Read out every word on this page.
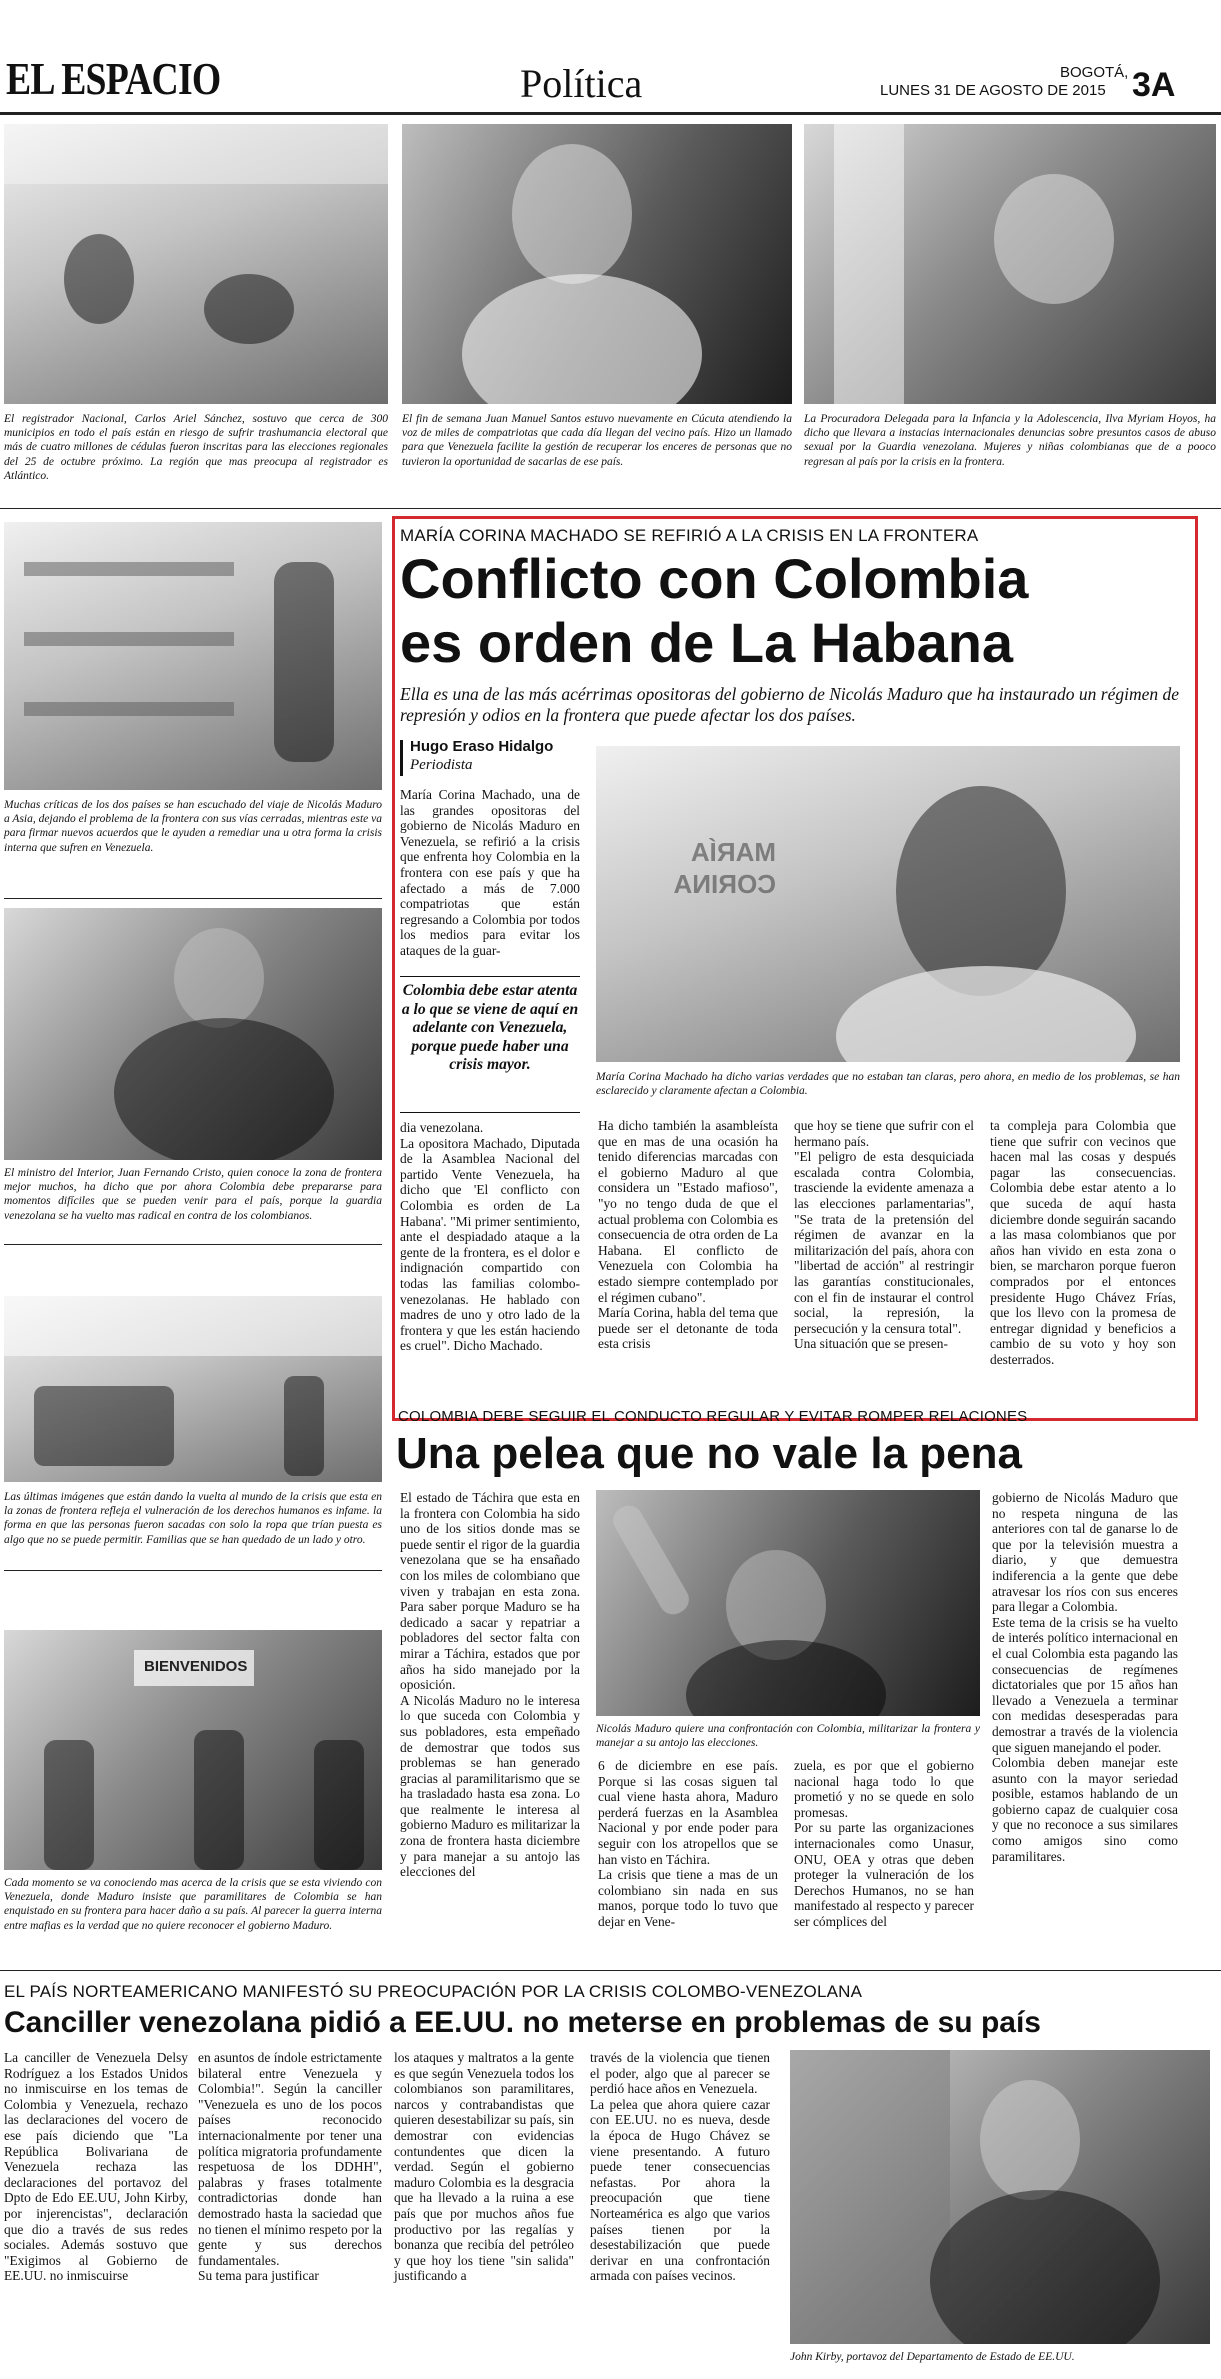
EL ESPACIO	Política	BOGOTÁ,
LUNES 31 DE AGOSTO DE 2015 3A
El registrador Nacional, Carlos Ariel Sánchez, sostuvo que cerca de 300 municipios en todo el país están en riesgo de sufrir trashumancia electoral que más de cuatro millones de cédulas fueron inscritas para las elecciones regionales del 25 de octubre próximo. La región que mas preocupa al registrador es Atlántico.
El fin de semana Juan Manuel Santos estuvo nuevamente en Cúcuta atendiendo la voz de miles de compatriotas que cada día llegan del vecino país. Hizo un llamado para que Venezuela facilite la gestión de recuperar los enceres de personas que no tuvieron la oportunidad de sacarlas de ese país.
La Procuradora Delegada para la Infancia y la Adolescencia, Ilva Myriam Hoyos, ha dicho que llevara a instacias internacionales denuncias sobre presuntos casos de abuso sexual por la Guardia venezolana. Mujeres y niñas colombianas que de a pooco regresan al país por la crisis en la frontera.
Muchas críticas de los dos países se han escuchado del viaje de Nicolás Maduro a Asia, dejando el problema de la frontera con sus vías cerradas, mientras este va para firmar nuevos acuerdos que le ayuden a remediar una u otra forma la crisis interna que sufren en Venezuela.
El ministro del Interior, Juan Fernando Cristo, quien conoce la zona de frontera mejor muchos, ha dicho que por ahora Colombia debe prepararse para momentos difíciles que se pueden venir para el país, porque la guardia venezolana se ha vuelto mas radical en contra de los colombianos.
Las últimas imágenes que están dando la vuelta al mundo de la crisis que esta en la zonas de frontera refleja el vulneración de los derechos humanos es infame. la forma en que las personas fueron sacadas con solo la ropa que trían puesta es algo que no se puede permitir. Familias que se han quedado de un lado y otro.
BIENVENIDOS
Cada momento se va conociendo mas acerca de la crisis que se esta viviendo con Venezuela, donde Maduro insiste que paramilitares de Colombia se han enquistado en su frontera para hacer daño a su país. Al parecer la guerra interna entre mafias es la verdad que no quiere reconocer el gobierno Maduro.
MARÍA CORINA MACHADO SE REFIRIÓ A LA CRISIS EN LA FRONTERA
Conflicto con Colombia
es orden de La Habana
Ella es una de las más acérrimas opositoras del gobierno de Nicolás Maduro que ha instaurado un régimen de represión y odios en la frontera que puede afectar los dos países.
Hugo Eraso Hidalgo
Periodista
María Corina Machado, una de las grandes opositoras del gobierno de Nicolás Maduro en Venezuela, se refirió a la crisis que enfrenta hoy Colombia en la frontera con ese país y que ha afectado a más de 7.000 compatriotas que están regresando a Colombia por todos los medios para evitar los ataques de la guar-
Colombia debe estar atenta a lo que se viene de aquí en adelante con Venezuela, porque puede haber una crisis mayor.
dia venezolana.
La opositora Machado, Diputada de la Asamblea Nacional del partido Vente Venezuela, ha dicho que 'El conflicto con Colombia es orden de La Habana'. "Mi primer sentimiento, ante el despiadado ataque a la gente de la frontera, es el dolor e indignación compartido con todas las familias colombo-venezolanas. He hablado con madres de uno y otro lado de la frontera y que les están haciendo es cruel". Dicho Machado.
MARÍA CORINA
María Corina Machado ha dicho varias verdades que no estaban tan claras, pero ahora, en medio de los problemas, se han esclarecido y claramente afectan a Colombia.
Ha dicho también la asambleísta que en mas de una ocasión ha tenido diferencias marcadas con el gobierno Maduro al que considera un "Estado mafioso", "yo no tengo duda de que el actual problema con Colombia es consecuencia de otra orden de La Habana. El conflicto de Venezuela con Colombia ha estado siempre contemplado por el régimen cubano".
María Corina, habla del tema que puede ser el detonante de toda esta crisis
que hoy se tiene que sufrir con el hermano país.
"El peligro de esta desquiciada escalada contra Colombia, trasciende la evidente amenaza a las elecciones parlamentarias", "Se trata de la pretensión del régimen de avanzar en la militarización del país, ahora con "libertad de acción" al restringir las garantías constitucionales, con el fin de instaurar el control social, la represión, la persecución y la censura total".
Una situación que se presen-
ta compleja para Colombia que tiene que sufrir con vecinos que hacen mal las cosas y después pagar las consecuencias. Colombia debe estar atento a lo que suceda de aquí hasta diciembre donde seguirán sacando a las masa colombianos que por años han vivido en esta zona o bien, se marcharon porque fueron comprados por el entonces presidente Hugo Chávez Frías, que los llevo con la promesa de entregar dignidad y beneficios a cambio de su voto y hoy son desterrados.
COLOMBIA DEBE SEGUIR EL CONDUCTO REGULAR Y EVITAR ROMPER RELACIONES
Una pelea que no vale la pena
El estado de Táchira que esta en la frontera con Colombia ha sido uno de los sitios donde mas se puede sentir el rigor de la guardia venezolana que se ha ensañado con los miles de colombiano que viven y trabajan en esta zona. Para saber porque Maduro se ha dedicado a sacar y repatriar a pobladores del sector falta con mirar a Táchira, estados que por años ha sido manejado por la oposición.
A Nicolás Maduro no le interesa lo que suceda con Colombia y sus pobladores, esta empeñado de demostrar que todos sus problemas se han generado gracias al paramilitarismo que se ha trasladado hasta esa zona. Lo que realmente le interesa al gobierno Maduro es militarizar la zona de frontera hasta diciembre y para manejar a su antojo las elecciones del
Nicolás Maduro quiere una confrontación con Colombia, militarizar la frontera y manejar a su antojo las elecciones.
6 de diciembre en ese país. Porque si las cosas siguen tal cual viene hasta ahora, Maduro perderá fuerzas en la Asamblea Nacional y por ende poder para seguir con los atropellos que se han visto en Táchira.
La crisis que tiene a mas de un colombiano sin nada en sus manos, porque todo lo tuvo que dejar en Vene-
zuela, es por que el gobierno nacional haga todo lo que prometió y no se quede en solo promesas.
Por su parte las organizaciones internacionales como Unasur, ONU, OEA y otras que deben proteger la vulneración de los Derechos Humanos, no se han manifestado al respecto y parecer ser cómplices del
gobierno de Nicolás Maduro que no respeta ninguna de las anteriores con tal de ganarse lo de que por la televisión muestra a diario, y que demuestra indiferencia a la gente que debe atravesar los ríos con sus enceres para llegar a Colombia.
Este tema de la crisis se ha vuelto de interés político internacional en el cual Colombia esta pagando las consecuencias de regímenes dictatoriales que por 15 años han llevado a Venezuela a terminar con medidas desesperadas para demostrar a través de la violencia que siguen manejando el poder.
Colombia deben manejar este asunto con la mayor seriedad posible, estamos hablando de un gobierno capaz de cualquier cosa y que no reconoce a sus similares como amigos sino como paramilitares.
EL PAÍS NORTEAMERICANO MANIFESTÓ SU PREOCUPACIÓN POR LA CRISIS COLOMBO-VENEZOLANA
Canciller venezolana pidió a EE.UU. no meterse en problemas de su país
La canciller de Venezuela Delsy Rodríguez a los Estados Unidos no inmiscuirse en los temas de Colombia y Venezuela, rechazo las declaraciones del vocero de ese país diciendo que "La República Bolivariana de Venezuela rechaza las declaraciones del portavoz del Dpto de Edo EE.UU, John Kirby, por injerencistas", declaración que dio a través de sus redes sociales. Además sostuvo que "Exigimos al Gobierno de EE.UU. no inmiscuirse
en asuntos de índole estrictamente bilateral entre Venezuela y Colombia!". Según la canciller "Venezuela es uno de los pocos países reconocido internacionalmente por tener una política migratoria profundamente respetuosa de los DDHH", palabras y frases totalmente contradictorias donde han demostrado hasta la saciedad que no tienen el mínimo respeto por la gente y sus derechos fundamentales.
Su tema para justificar
los ataques y maltratos a la gente es que según Venezuela todos los colombianos son paramilitares, narcos y contrabandistas que quieren desestabilizar su país, sin demostrar con evidencias contundentes que dicen la verdad. Según el gobierno maduro Colombia es la desgracia que ha llevado a la ruina a ese país que por muchos años fue productivo por las regalías y bonanza que recibía del petróleo y que hoy los tiene "sin salida" justificando a
través de la violencia que tienen el poder, algo que al parecer se perdió hace años en Venezuela.
La pelea que ahora quiere cazar con EE.UU. no es nueva, desde la época de Hugo Chávez se viene presentando. A futuro puede tener consecuencias nefastas. Por ahora la preocupación que tiene Norteamérica es algo que varios países tienen por la desestabilización que puede derivar en una confrontación armada con países vecinos.
John Kirby, portavoz del Departamento de Estado de EE.UU.
